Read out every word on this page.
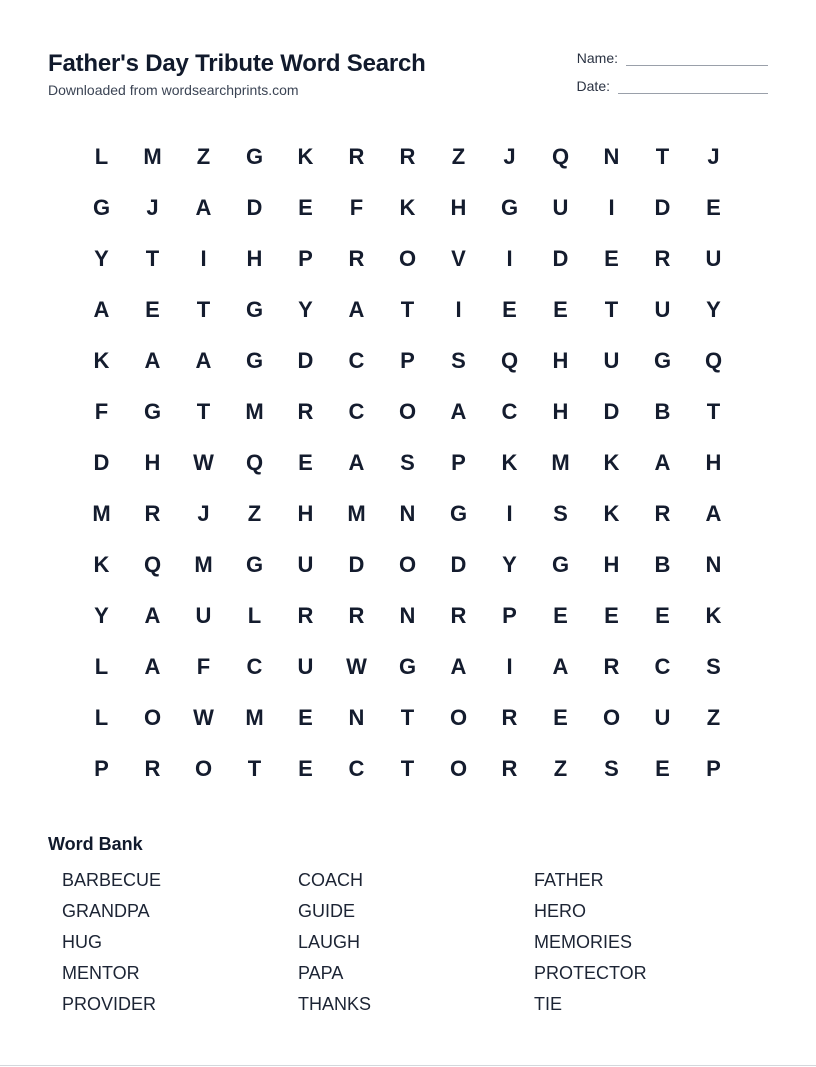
Father's Day Tribute Word Search
Downloaded from wordsearchprints.com
Name:
Date:
L	M	Z	G	K	R	R	Z	J	Q	N	T	J
G	J	A	D	E	F	K	H	G	U	I	D	E
Y	T	I	H	P	R	O	V	I	D	E	R	U
A	E	T	G	Y	A	T	I	E	E	T	U	Y
K	A	A	G	D	C	P	S	Q	H	U	G	Q
F	G	T	M	R	C	O	A	C	H	D	B	T
D	H	W	Q	E	A	S	P	K	M	K	A	H
M	R	J	Z	H	M	N	G	I	S	K	R	A
K	Q	M	G	U	D	O	D	Y	G	H	B	N
Y	A	U	L	R	R	N	R	P	E	E	E	K
L	A	F	C	U	W	G	A	I	A	R	C	S
L	O	W	M	E	N	T	O	R	E	O	U	Z
P	R	O	T	E	C	T	O	R	Z	S	E	P
Word Bank
BARBECUE	COACH	FATHER
GRANDPA	GUIDE	HERO
HUG	LAUGH	MEMORIES
MENTOR	PAPA	PROTECTOR
PROVIDER	THANKS	TIE
